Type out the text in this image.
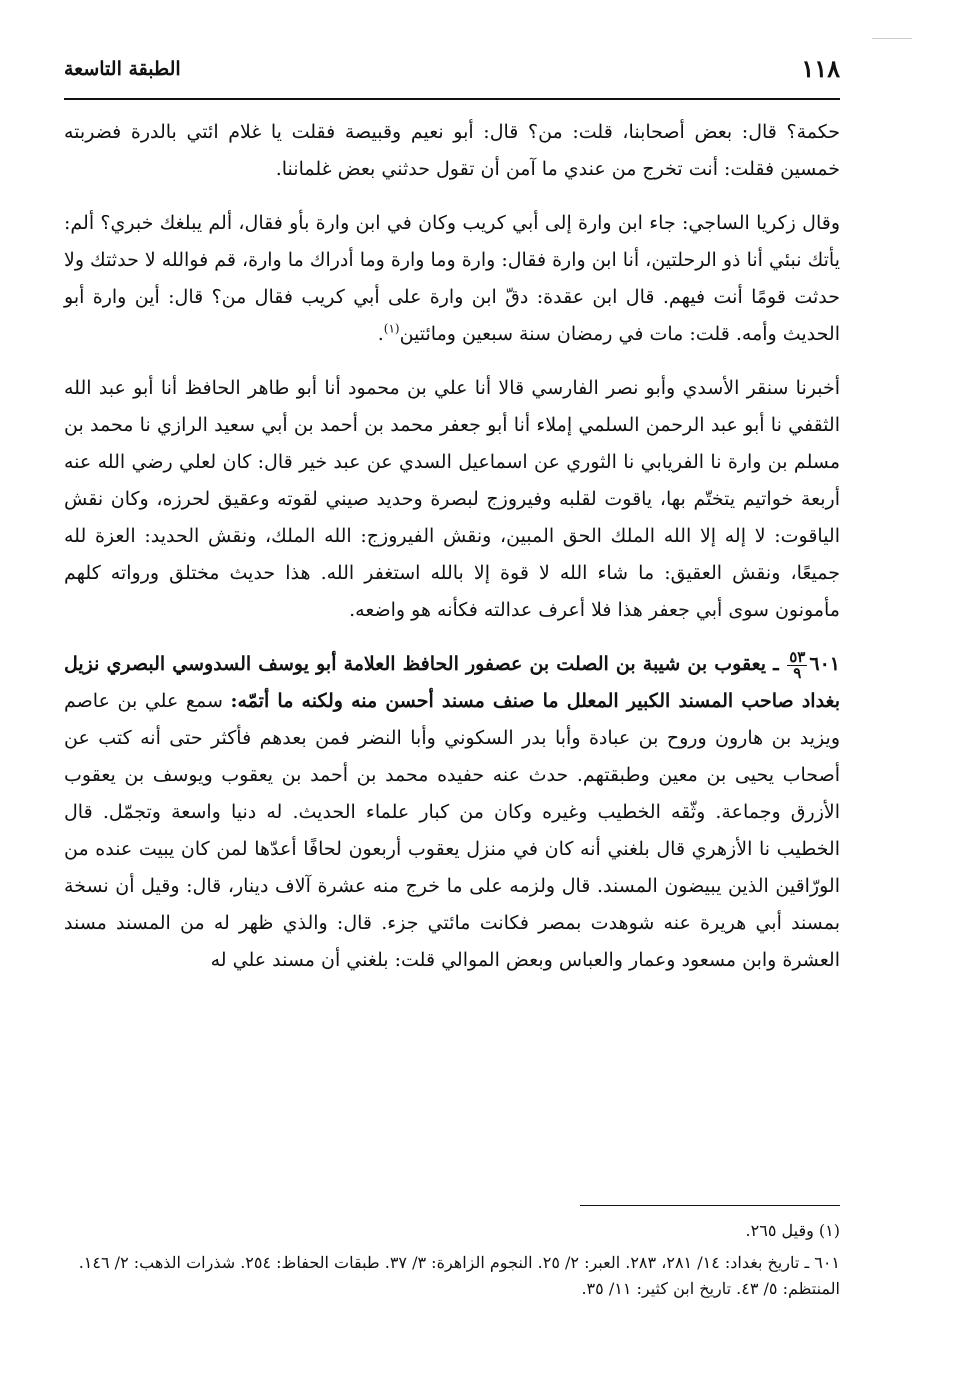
١١٨
الطبقة التاسعة

حكمة؟ قال: بعض أصحابنا، قلت: من؟ قال: أبو نعيم وقبيصة فقلت يا غلام ائتي بالدرة فضربته خمسين فقلت: أنت تخرج من عندي ما آمن أن تقول حدثني بعض غلماننا.

وقال زكريا الساجي: جاء ابن وارة إلى أبي كريب وكان في ابن وارة بأو فقال، ألم يبلغك خبري؟ ألم: يأتك نبئي أنا ذو الرحلتين، أنا ابن وارة فقال: وارة وما وارة وما أدراك ما وارة، قم فوالله لا حدثتك ولا حدثت قومًا أنت فيهم. قال ابن عقدة: دقّ ابن وارة على أبي كريب فقال من؟ قال: أين وارة أبو الحديث وأمه. قلت: مات في رمضان سنة سبعين ومائتين$^{(١)}$.

أخبرنا سنقر الأسدي وأبو نصر الفارسي قالا أنا علي بن محمود أنا أبو طاهر الحافظ أنا أبو عبد الله الثقفي نا أبو عبد الرحمن السلمي إملاء أنا أبو جعفر محمد بن أحمد بن أبي سعيد الرازي نا محمد بن مسلم بن وارة نا الفريابي نا الثوري عن اسماعيل السدي عن عبد خير قال: كان لعلي رضي الله عنه أربعة خواتيم يتختّم بها، ياقوت لقلبه وفيروزج لبصرة وحديد صيني لقوته وعقيق لحرزه، وكان نقش الياقوت: لا إله إلا الله الملك الحق المبين، ونقش الفيروزج: الله الملك، ونقش الحديد: العزة لله جميعًا، ونقش العقيق: ما شاء الله لا قوة إلا بالله استغفر الله. هذا حديث مختلق ورواته كلهم مأمونون سوى أبي جعفر هذا فلا أعرف عدالته فكأنه هو واضعه.

٦٠١
$\frac{٥٣}{٩}$
ـ يعقوب بن شيبة بن الصلت بن عصفور الحافظ العلامة أبو يوسف السدوسي البصري نزيل بغداد صاحب المسند الكبير المعلل ما صنف مسند أحسن منه ولكنه ما أتمّه: سمع علي بن عاصم ويزيد بن هارون وروح بن عبادة وأبا بدر السكوني وأبا النضر فمن بعدهم فأكثر حتى أنه كتب عن أصحاب يحيى بن معين وطبقتهم. حدث عنه حفيده محمد بن أحمد بن يعقوب ويوسف بن يعقوب الأزرق وجماعة. وثّقه الخطيب وغيره وكان من كبار علماء الحديث. له دنيا واسعة وتجمّل. قال الخطيب نا الأزهري قال بلغني أنه كان في منزل يعقوب أربعون لحافًا أعدّها لمن كان يبيت عنده من الورّاقين الذين يبيضون المسند. قال ولزمه على ما خرج منه عشرة آلاف دينار، قال: وقيل أن نسخة بمسند أبي هريرة عنه شوهدت بمصر فكانت مائتي جزء. قال: والذي ظهر له من المسند مسند العشرة وابن مسعود وعمار والعباس وبعض الموالي قلت: بلغني أن مسند علي له

(١) وقيل ٢٦٥.

٦٠١ ـ تاريخ بغداد: ١٤/ ٢٨١، ٢٨٣. العبر: ٢/ ٢٥. النجوم الزاهرة: ٣/ ٣٧. طبقات الحفاظ: ٢٥٤. شذرات الذهب: ٢/ ١٤٦. المنتظم: ٥/ ٤٣. تاريخ ابن كثير: ١١/ ٣٥.
